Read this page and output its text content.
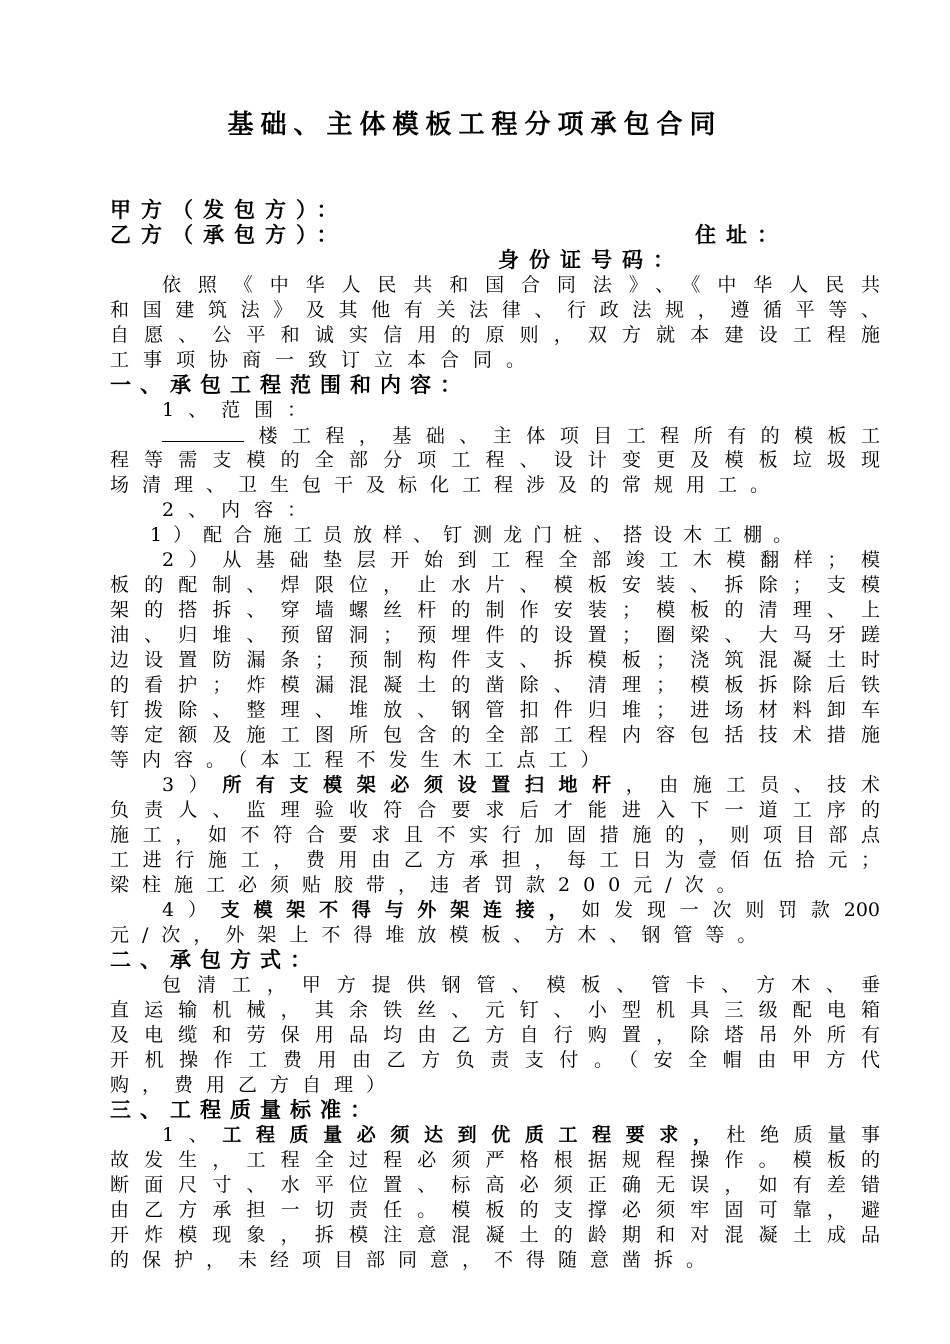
基础、主体模板工程分项承包合同
甲方（发包方）：
乙方（承包方）：	住址：
身份证号码：
依照《中华人民共和国合同法》、《中华人民共
和国建筑法》及其他有关法律、行政法规，遵循平等、
自愿、公平和诚实信用的原则，双方就本建设工程施
工事项协商一致订立本合同。
一、承包工程范围和内容：
1、范围：
楼工程，基础、主体项目工程所有的模板工
程等需支模的全部分项工程、设计变更及模板垃圾现
场清理、卫生包干及标化工程涉及的常规用工。
2、内容：
1）配合施工员放样、钉测龙门桩、搭设木工棚。
2）从基础垫层开始到工程全部竣工木模翻样；模
板的配制、焊限位，止水片、模板安装、拆除；支模
架的搭拆、穿墙螺丝杆的制作安装；模板的清理、上
油、归堆、预留洞；预埋件的设置；圈梁、大马牙蹉
边设置防漏条；预制构件支、拆模板；浇筑混凝土时
的看护；炸模漏混凝土的凿除、清理；模板拆除后铁
钉拨除、整理、堆放、钢管扣件归堆；进场材料卸车
等定额及施工图所包含的全部工程内容包括技术措施
等内容。（本工程不发生木工点工）
3）所有支模架必须设置扫地杆，由施工员、技术
负责人、监理验收符合要求后才能进入下一道工序的
施工，如不符合要求且不实行加固措施的，则项目部点
工进行施工，费用由乙方承担，每工日为壹佰伍拾元；
梁柱施工必须贴胶带，违者罚款200元/次。
4）支模架不得与外架连接，如发现一次则罚款200
元/次，外架上不得堆放模板、方木、钢管等。
二、承包方式：
包清工，甲方提供钢管、模板、管卡、方木、垂
直运输机械，其余铁丝、元钉、小型机具三级配电箱
及电缆和劳保用品均由乙方自行购置，除塔吊外所有
开机操作工费用由乙方负责支付。（安全帽由甲方代
购，费用乙方自理）
三、工程质量标准：
1、工程质量必须达到优质工程要求，杜绝质量事
故发生，工程全过程必须严格根据规程操作。模板的
断面尺寸、水平位置、标高必须正确无误，如有差错
由乙方承担一切责任。模板的支撑必须牢固可靠，避
开炸模现象，拆模注意混凝土的龄期和对混凝土成品
的保护，未经项目部同意，不得随意凿拆。
